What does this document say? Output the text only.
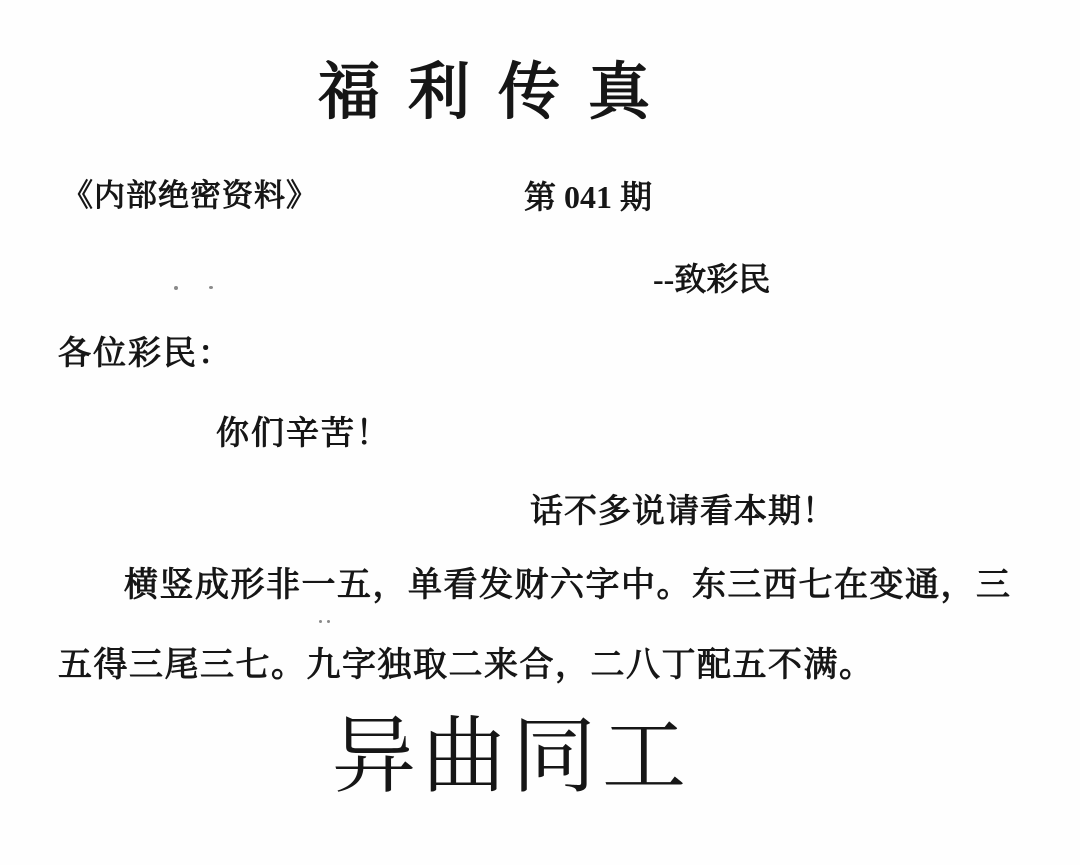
福利传真
《内部绝密资料》	第 041 期
--致彩民
各位彩民：
你们辛苦！
话不多说请看本期！
横竖成形非一五，单看发财六字中。东三西七在变通，三
五得三尾三七。九字独取二来合，二八丁配五不满。
异曲同工
